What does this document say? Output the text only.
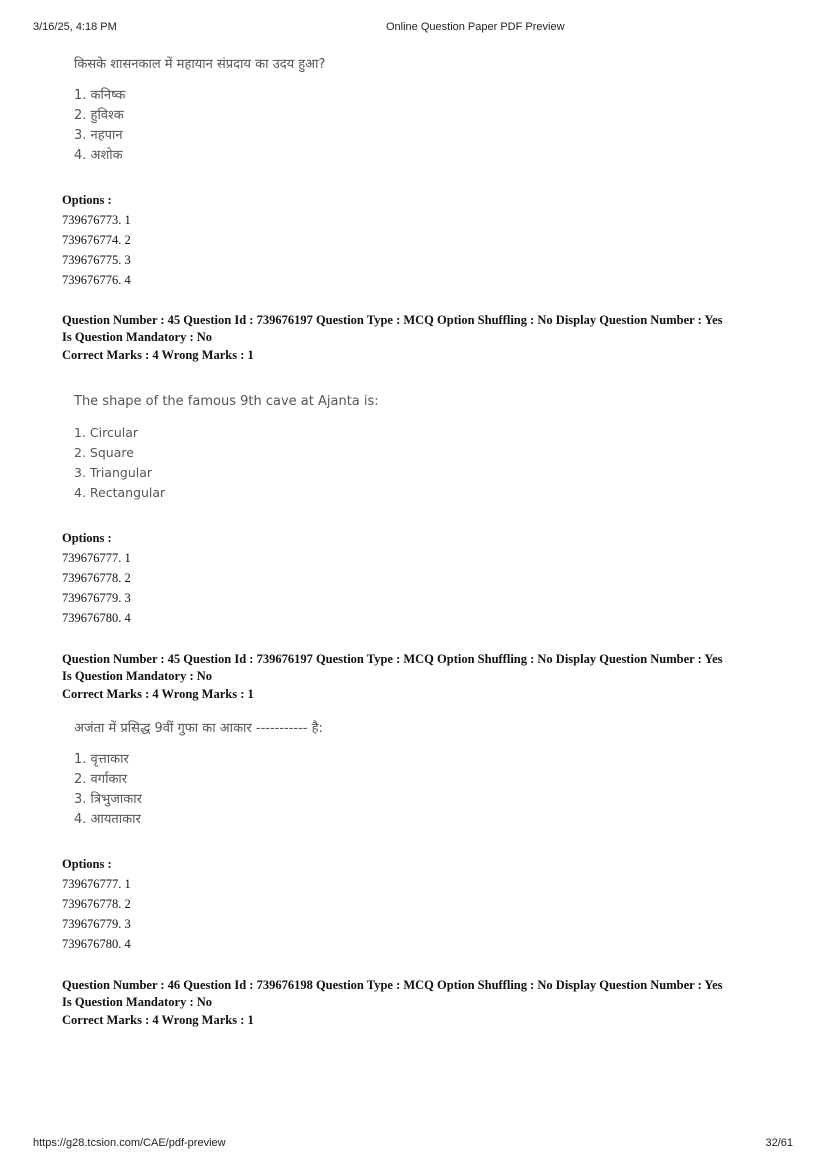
3/16/25, 4:18 PM	Online Question Paper PDF Preview
किसके शासनकाल में महायान संप्रदाय का उदय हुआ?
1. कनिष्क
2. हुविश्क
3. नहपान
4. अशोक
Options :
739676773. 1
739676774. 2
739676775. 3
739676776. 4
Question Number : 45 Question Id : 739676197 Question Type : MCQ Option Shuffling : No Display Question Number : Yes
Is Question Mandatory : No
Correct Marks : 4 Wrong Marks : 1
The shape of the famous 9th cave at Ajanta is:
1. Circular
2. Square
3. Triangular
4. Rectangular
Options :
739676777. 1
739676778. 2
739676779. 3
739676780. 4
Question Number : 45 Question Id : 739676197 Question Type : MCQ Option Shuffling : No Display Question Number : Yes
Is Question Mandatory : No
Correct Marks : 4 Wrong Marks : 1
अजंता में प्रसिद्ध 9वीं गुफा का आकार ----------- है:
1. वृत्ताकार
2. वर्गाकार
3. त्रिभुजाकार
4. आयताकार
Options :
739676777. 1
739676778. 2
739676779. 3
739676780. 4
Question Number : 46 Question Id : 739676198 Question Type : MCQ Option Shuffling : No Display Question Number : Yes
Is Question Mandatory : No
Correct Marks : 4 Wrong Marks : 1
https://g28.tcsion.com/CAE/pdf-preview	32/61
